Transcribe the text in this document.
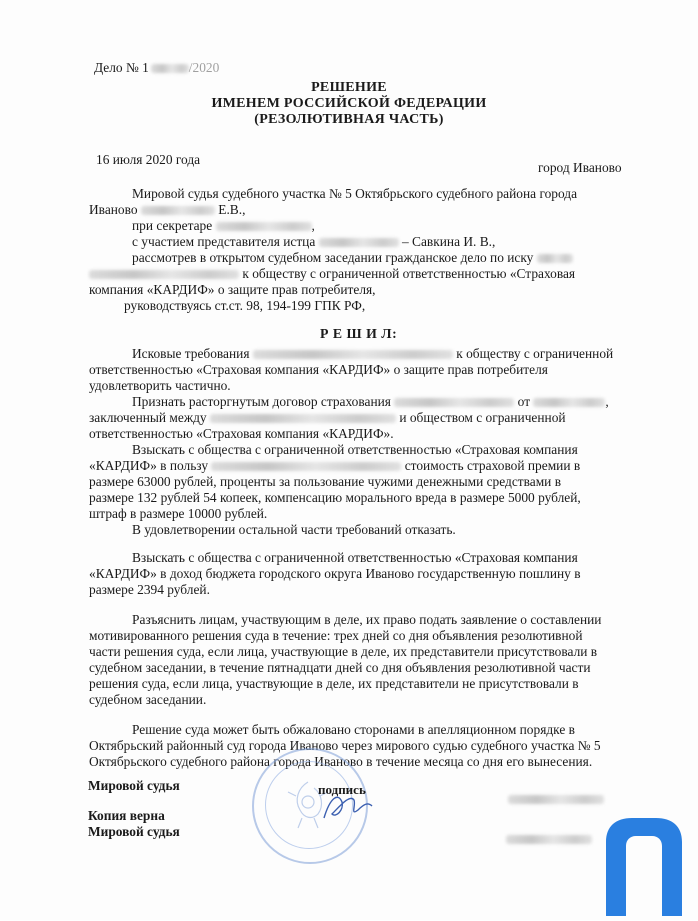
Дело № 1	/2020
РЕШЕНИЕ
ИМЕНЕМ РОССИЙСКОЙ ФЕДЕРАЦИИ
(РЕЗОЛЮТИВНАЯ ЧАСТЬ)
16 июля 2020 года
город Иваново
Мировой судья судебного участка № 5 Октябрьского судебного района города
Иваново	Е.В.,
при секретаре	,
с участием представителя истца	– Савкина И. В.,
рассмотрев в открытом судебном заседании гражданское дело по иску
к обществу с ограниченной ответственностью «Страховая
компания «КАРДИФ» о защите прав потребителя,
руководствуясь ст.ст. 98, 194-199 ГПК РФ,
Р Е Ш И Л:
Исковые требования	к обществу с ограниченной
ответственностью «Страховая компания «КАРДИФ» о защите прав потребителя
удовлетворить частично.
Признать расторгнутым договор страхования	от	,
заключенный между	и обществом с ограниченной
ответственностью «Страховая компания «КАРДИФ».
Взыскать с общества с ограниченной ответственностью «Страховая компания
«КАРДИФ» в пользу	стоимость страховой премии в
размере 63000 рублей, проценты за пользование чужими денежными средствами в
размере 132 рублей 54 копеек, компенсацию морального вреда в размере 5000 рублей,
штраф в размере 10000 рублей.
В удовлетворении остальной части требований отказать.
Взыскать с общества с ограниченной ответственностью «Страховая компания
«КАРДИФ» в доход бюджета городского округа Иваново государственную пошлину в
размере 2394 рублей.
Разъяснить лицам, участвующим в деле, их право подать заявление о составлении
мотивированного решения суда в течение: трех дней со дня объявления резолютивной
части решения суда, если лица, участвующие в деле, их представители присутствовали в
судебном заседании, в течение пятнадцати дней со дня объявления резолютивной части
решения суда, если лица, участвующие в деле, их представители не присутствовали в
судебном заседании.
Решение суда может быть обжаловано сторонами в апелляционном порядке в
Октябрьский районный суд города Иваново через мирового судью судебного участка № 5
Октябрьского судебного района города Иваново в течение месяца со дня его вынесения.
Мировой судья	подпись
Копия верна
Мировой судья
